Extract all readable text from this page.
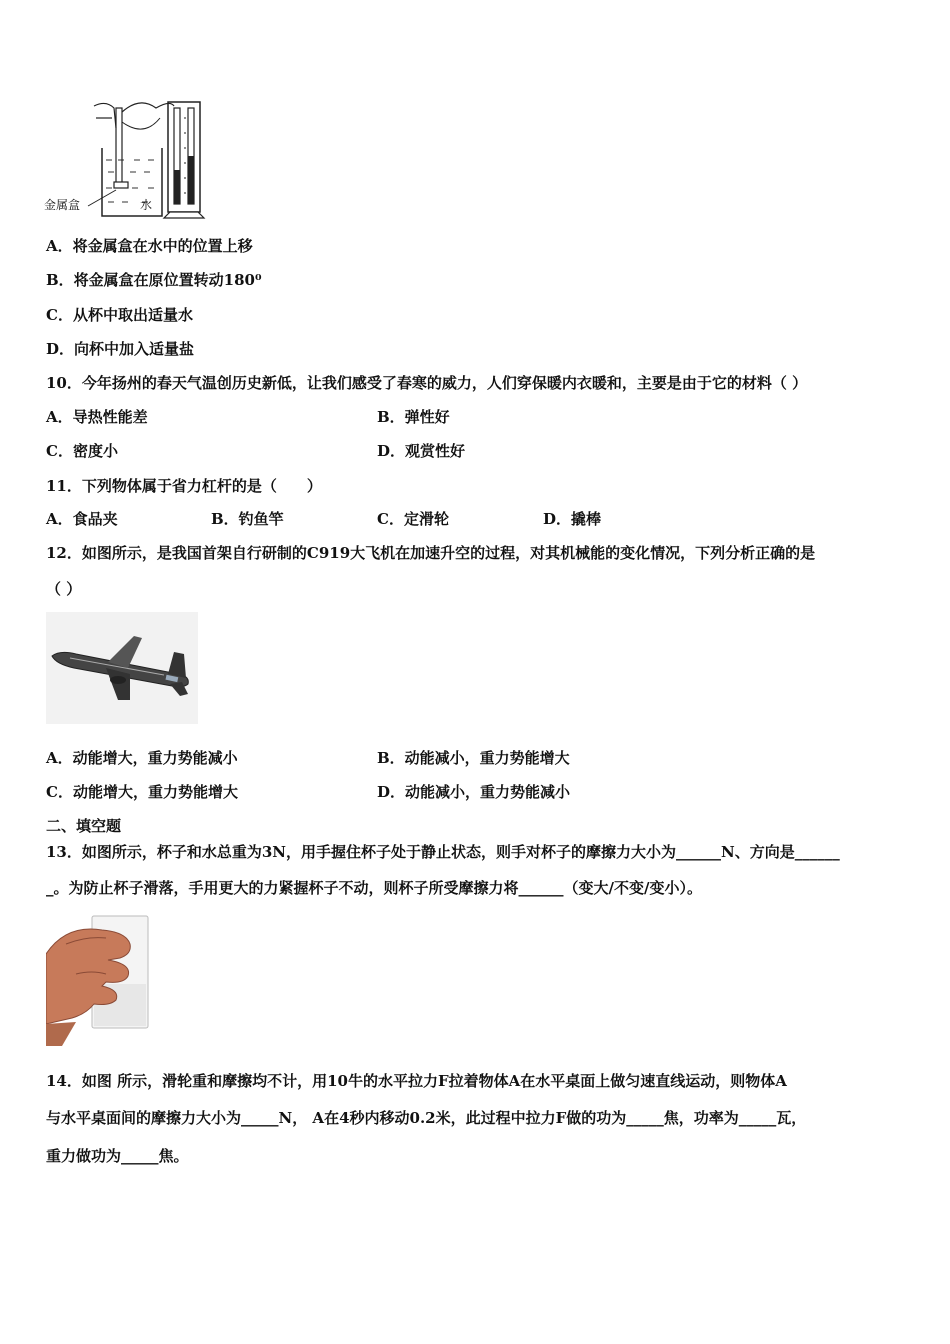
金属盒	水
A．将金属盒在水中的位置上移
B．将金属盒在原位置转动180⁰
C．从杯中取出适量水
D．向杯中加入适量盐
10．今年扬州的春天气温创历史新低，让我们感受了春寒的威力，人们穿保暖内衣暖和，主要是由于它的材料（ ）
A．导热性能差	B．弹性好
C．密度小	D．观赏性好
11．下列物体属于省力杠杆的是（　　）
A．食品夹	B．钓鱼竿	C．定滑轮	D．撬棒
12．如图所示，是我国首架自行研制的C919大飞机在加速升空的过程，对其机械能的变化情况，下列分析正确的是
（ ）
A．动能增大，重力势能减小	B．动能减小，重力势能增大
C．动能增大，重力势能增大	D．动能减小，重力势能减小
二、填空题
13．如图所示，杯子和水总重为3N，用手握住杯子处于静止状态，则手对杯子的摩擦力大小为______N、方向是______
_。为防止杯子滑落，手用更大的力紧握杯子不动，则杯子所受摩擦力将______（变大/不变/变小）。
14．如图 所示，滑轮重和摩擦均不计，用10牛的水平拉力F拉着物体A在水平桌面上做匀速直线运动，则物体A
与水平桌面间的摩擦力大小为_____N， A在4秒内移动0.2米，此过程中拉力F做的功为_____焦，功率为_____瓦，
重力做功为_____焦。
